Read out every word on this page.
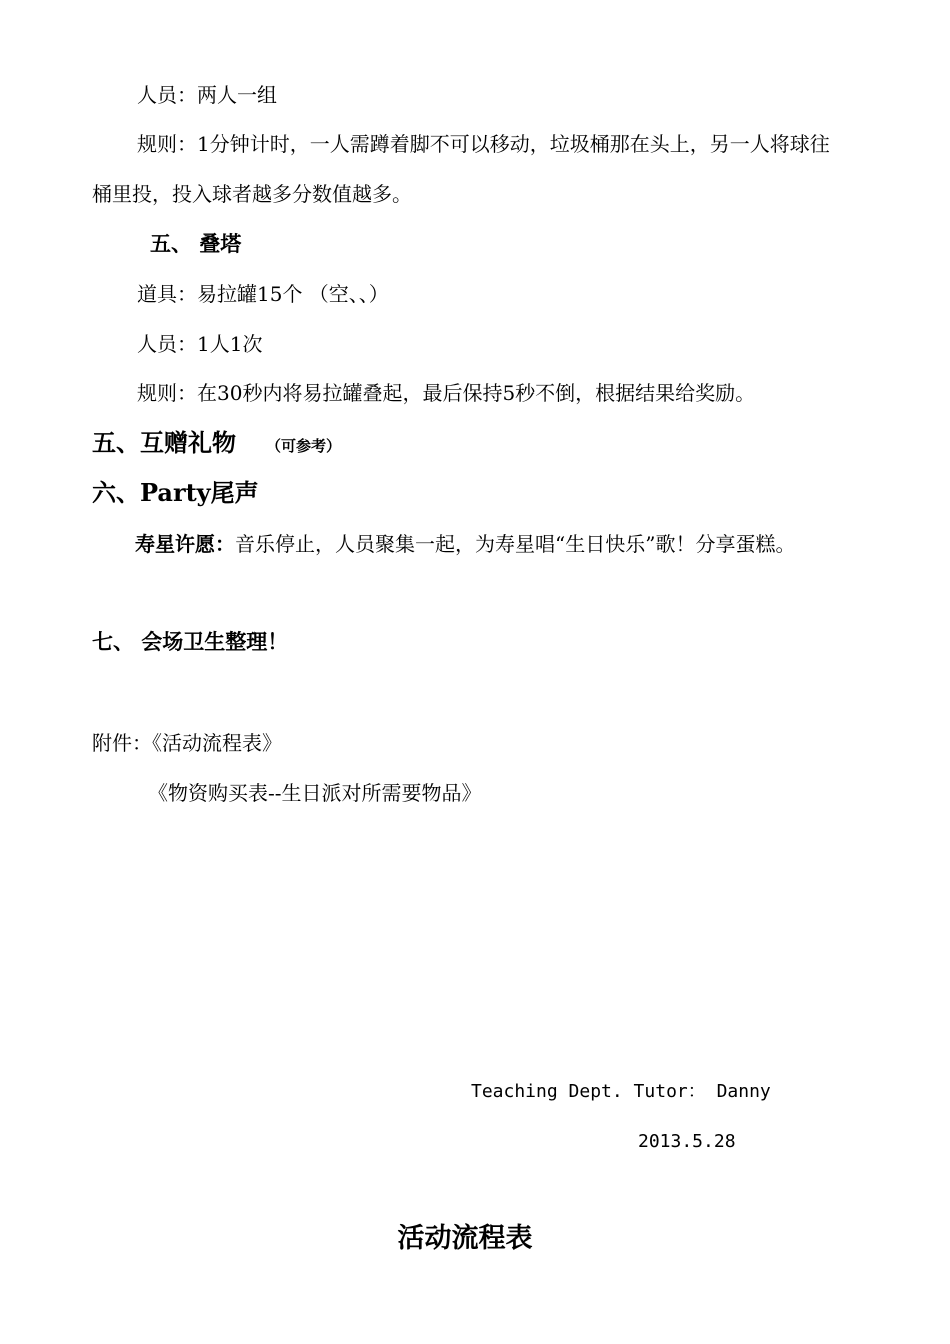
人员：两人一组
规则：1分钟计时，一人需蹲着脚不可以移动，垃圾桶那在头上，另一人将球往
桶里投，投入球者越多分数值越多。
五、 叠塔
道具：易拉罐15个 （空、、）
人员：1人1次
规则：在30秒内将易拉罐叠起，最后保持5秒不倒，根据结果给奖励。
五、互赠礼物 （可参考）
六、Party尾声
寿星许愿：音乐停止，人员聚集一起，为寿星唱“生日快乐”歌！分享蛋糕。
七、 会场卫生整理！
附件：《活动流程表》
《物资购买表--生日派对所需要物品》
Teaching Dept. Tutor： Danny
2013.5.28
活动流程表
